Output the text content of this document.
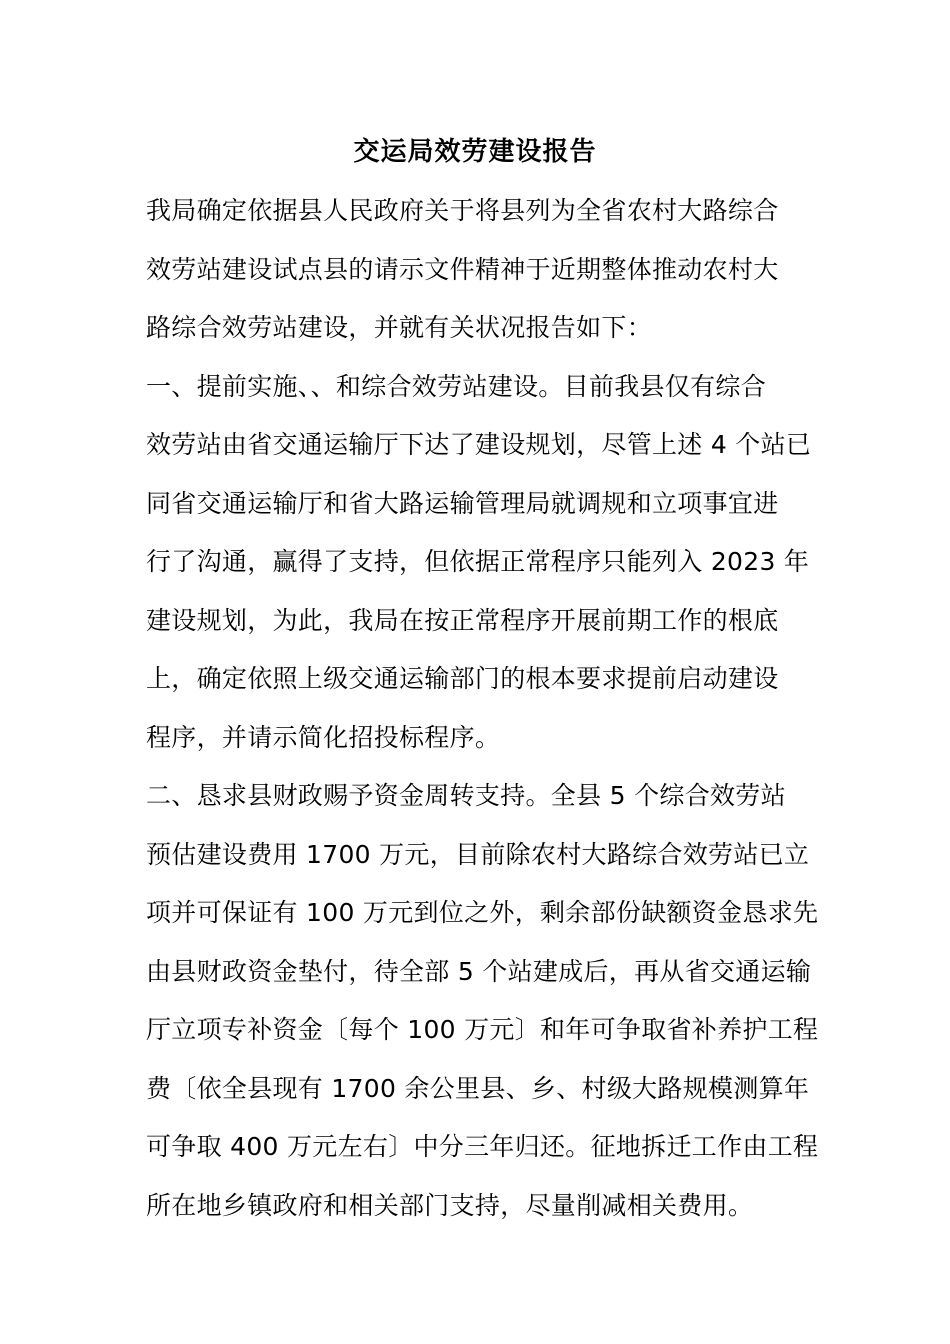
交运局效劳建设报告
我局确定依据县人民政府关于将县列为全省农村大路综合
效劳站建设试点县的请示文件精神于近期整体推动农村大
路综合效劳站建设，并就有关状况报告如下：
一、提前实施、、和综合效劳站建设。目前我县仅有综合
效劳站由省交通运输厅下达了建设规划，尽管上述 4 个站已
同省交通运输厅和省大路运输管理局就调规和立项事宜进
行了沟通，赢得了支持，但依据正常程序只能列入 2023 年
建设规划，为此，我局在按正常程序开展前期工作的根底
上，确定依照上级交通运输部门的根本要求提前启动建设
程序，并请示简化招投标程序。
二、恳求县财政赐予资金周转支持。全县 5 个综合效劳站
预估建设费用 1700 万元，目前除农村大路综合效劳站已立
项并可保证有 100 万元到位之外，剩余部份缺额资金恳求先
由县财政资金垫付，待全部 5 个站建成后，再从省交通运输
厅立项专补资金〔每个 100 万元〕和年可争取省补养护工程
费〔依全县现有 1700 余公里县、乡、村级大路规模测算年
可争取 400 万元左右〕中分三年归还。征地拆迁工作由工程
所在地乡镇政府和相关部门支持，尽量削减相关费用。
